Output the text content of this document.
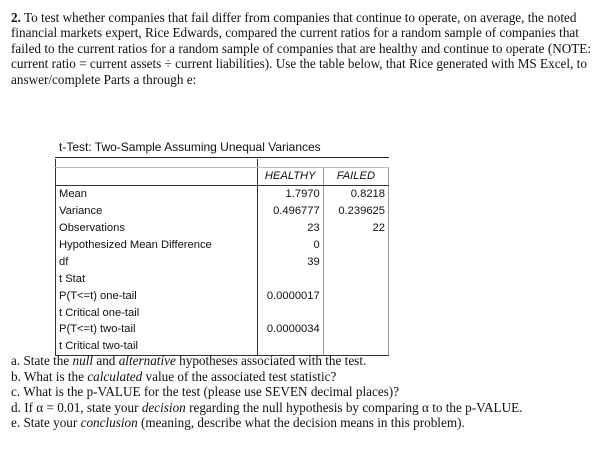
2. To test whether companies that fail differ from companies that continue to operate, on average, the noted financial markets expert, Rice Edwards, compared the current ratios for a random sample of companies that failed to the current ratios for a random sample of companies that are healthy and continue to operate (NOTE: current ratio = current assets ÷ current liabilities). Use the table below, that Rice generated with MS Excel, to answer/complete Parts a through e:
t-Test: Two-Sample Assuming Unequal Variances

	HEALTHY	FAILED
Mean	1.7970	0.8218
Variance	0.496777	0.239625
Observations	23	22
Hypothesized Mean Difference	0	
df	39	
t Stat		
P(T<=t) one-tail	0.0000017	
t Critical one-tail		
P(T<=t) two-tail	0.0000034	
t Critical two-tail		
a. State the null and alternative hypotheses associated with the test.
b. What is the calculated value of the associated test statistic?
c. What is the p-VALUE for the test (please use SEVEN decimal places)?
d. If α = 0.01, state your decision regarding the null hypothesis by comparing α to the p-VALUE.
e. State your conclusion (meaning, describe what the decision means in this problem).
